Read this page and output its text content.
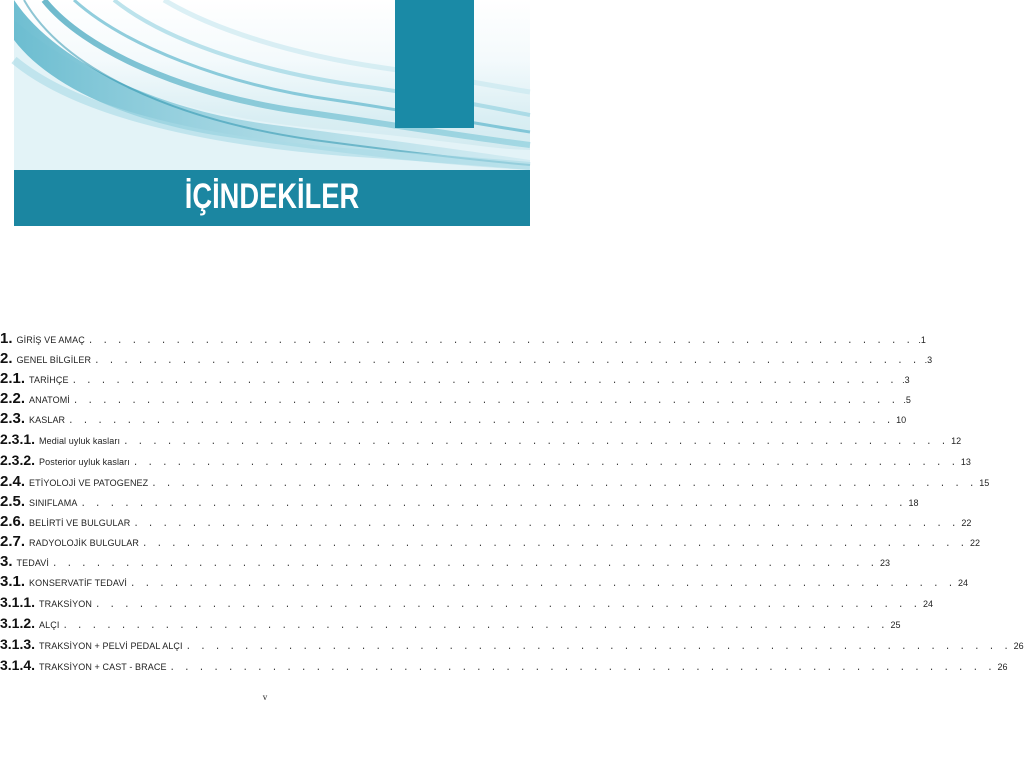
İÇİNDEKİLER
1. GİRİŞ VE AMAÇ . . . . . . . . . . . . . . . . . . . . . . . . . . . . . . . . . . . . . . . . . . . . . . . . . . . . . . . . . .1
2. GENEL BİLGİLER . . . . . . . . . . . . . . . . . . . . . . . . . . . . . . . . . . . . . . . . . . . . . . . . . . . . . . . . . .3
2.1. TARİHÇE . . . . . . . . . . . . . . . . . . . . . . . . . . . . . . . . . . . . . . . . . . . . . . . . . . . . . . . . . .3
2.2. ANATOMİ . . . . . . . . . . . . . . . . . . . . . . . . . . . . . . . . . . . . . . . . . . . . . . . . . . . . . . . . . .5
2.3. KASLAR . . . . . . . . . . . . . . . . . . . . . . . . . . . . . . . . . . . . . . . . . . . . . . . . . . . . . . . . . 10
2.3.1. Medial uyluk kasları . . . . . . . . . . . . . . . . . . . . . . . . . . . . . . . . . . . . . . . . . . . . . . . . . . . . . . . . . 12
2.3.2. Posterior uyluk kasları . . . . . . . . . . . . . . . . . . . . . . . . . . . . . . . . . . . . . . . . . . . . . . . . . . . . . . . . . 13
2.4. ETİYOLOJİ VE PATOGENEZ . . . . . . . . . . . . . . . . . . . . . . . . . . . . . . . . . . . . . . . . . . . . . . . . . . . . . . . . . 15
2.5. SINIFLAMA . . . . . . . . . . . . . . . . . . . . . . . . . . . . . . . . . . . . . . . . . . . . . . . . . . . . . . . . . 18
2.6. BELİRTİ VE BULGULAR . . . . . . . . . . . . . . . . . . . . . . . . . . . . . . . . . . . . . . . . . . . . . . . . . . . . . . . . . 22
2.7. RADYOLOJİK BULGULAR . . . . . . . . . . . . . . . . . . . . . . . . . . . . . . . . . . . . . . . . . . . . . . . . . . . . . . . . . 22
3. TEDAVİ . . . . . . . . . . . . . . . . . . . . . . . . . . . . . . . . . . . . . . . . . . . . . . . . . . . . . . . . . 23
3.1. KONSERVATİF TEDAVİ . . . . . . . . . . . . . . . . . . . . . . . . . . . . . . . . . . . . . . . . . . . . . . . . . . . . . . . . . 24
3.1.1. TRAKSİYON . . . . . . . . . . . . . . . . . . . . . . . . . . . . . . . . . . . . . . . . . . . . . . . . . . . . . . . . . 24
3.1.2. ALÇI . . . . . . . . . . . . . . . . . . . . . . . . . . . . . . . . . . . . . . . . . . . . . . . . . . . . . . . . . 25
3.1.3. TRAKSİYON + PELVİ PEDAL ALÇI . . . . . . . . . . . . . . . . . . . . . . . . . . . . . . . . . . . . . . . . . . . . . . . . . . . . . . . . . 26
3.1.4. TRAKSİYON + CAST - BRACE . . . . . . . . . . . . . . . . . . . . . . . . . . . . . . . . . . . . . . . . . . . . . . . . . . . . . . . . . 26
v
